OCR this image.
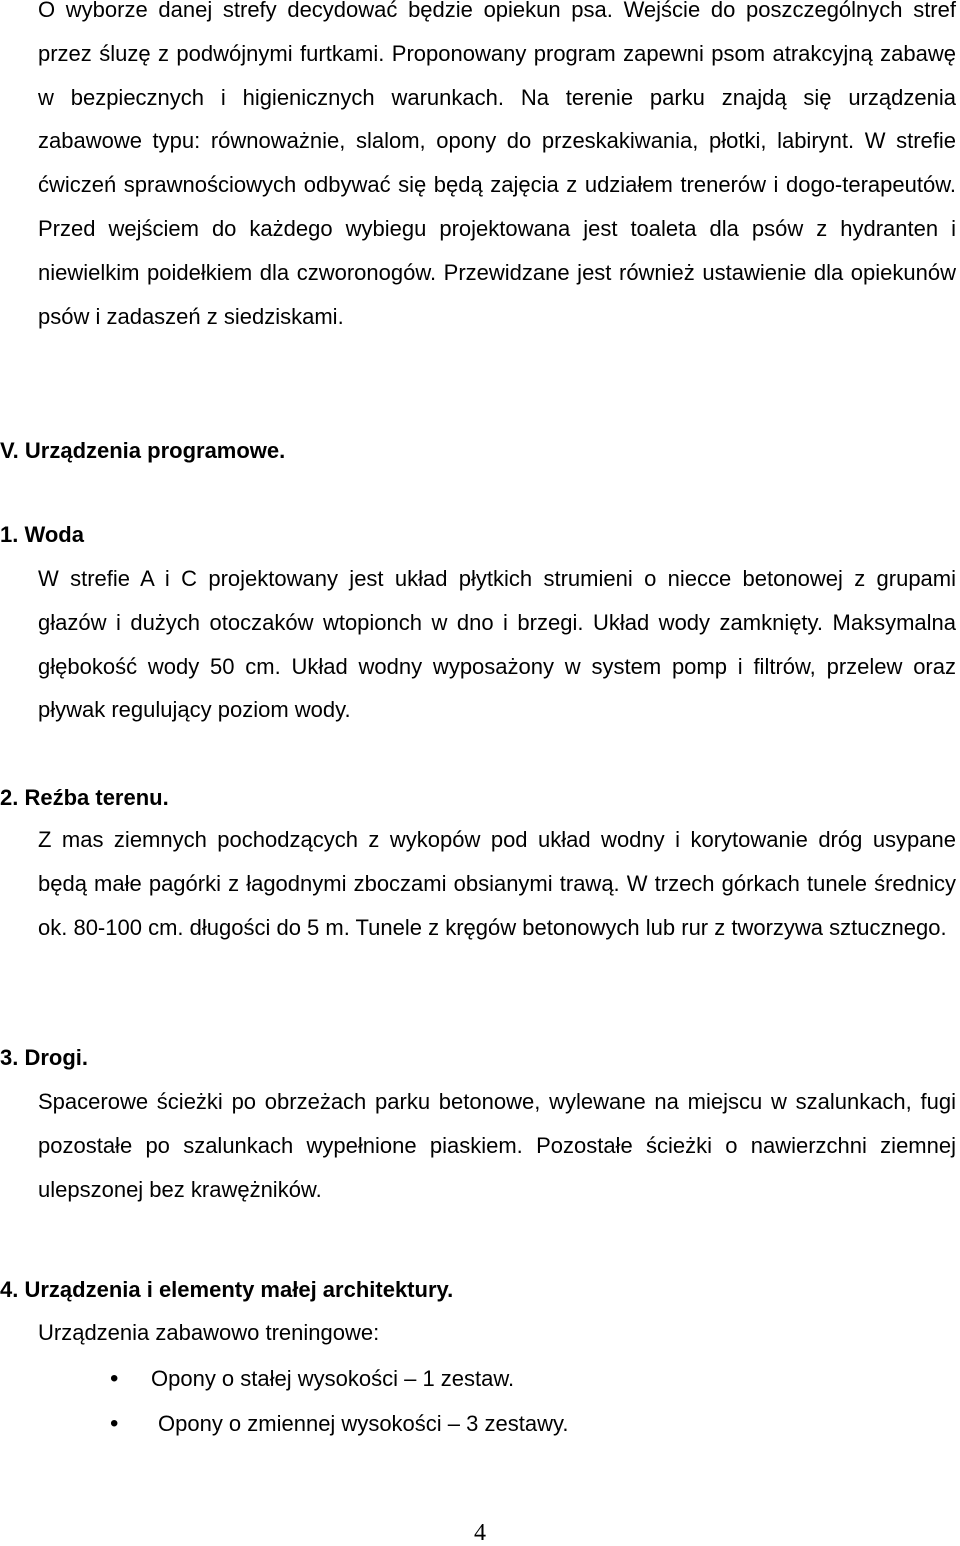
O wyborze danej strefy decydować będzie opiekun psa. Wejście do poszczególnych stref przez śluzę z podwójnymi furtkami. Proponowany program zapewni psom atrakcyjną zabawę w bezpiecznych i higienicznych warunkach. Na terenie parku znajdą się urządzenia zabawowe typu: równoważnie, slalom, opony do przeskakiwania, płotki, labirynt. W strefie ćwiczeń sprawnościowych odbywać się będą zajęcia z udziałem trenerów i dogo-terapeutów. Przed wejściem do każdego wybiegu projektowana jest toaleta dla psów z hydranten i niewielkim poidełkiem dla czworonogów. Przewidzane jest również ustawienie dla opiekunów psów i zadaszeń z siedziskami.

V. Urządzenia programowe.
1. Woda

W strefie A i C projektowany jest układ płytkich strumieni o niecce betonowej z grupami głazów i dużych otoczaków wtopionch w dno i brzegi. Układ wody zamknięty. Maksymalna głębokość wody 50 cm. Układ wodny wyposażony w system pomp i filtrów, przelew oraz pływak regulujący poziom wody.

2. Reźba terenu.

Z mas ziemnych pochodzących z wykopów pod układ wodny i korytowanie dróg usypane będą małe pagórki z łagodnymi zboczami obsianymi trawą. W trzech górkach tunele średnicy ok. 80-100 cm. długości do 5 m. Tunele z kręgów betonowych lub rur z tworzywa sztucznego.

3. Drogi.

Spacerowe ścieżki po obrzeżach parku betonowe, wylewane na miejscu w szalunkach, fugi pozostałe po szalunkach wypełnione piaskiem. Pozostałe ścieżki o nawierzchni ziemnej ulepszonej bez krawężników.

4. Urządzenia i elementy małej architektury.

Urządzenia zabawowo treningowe:

• Opony o stałej wysokości – 1 zestaw.
• Opony o zmiennej wysokości – 3 zestawy.
4
